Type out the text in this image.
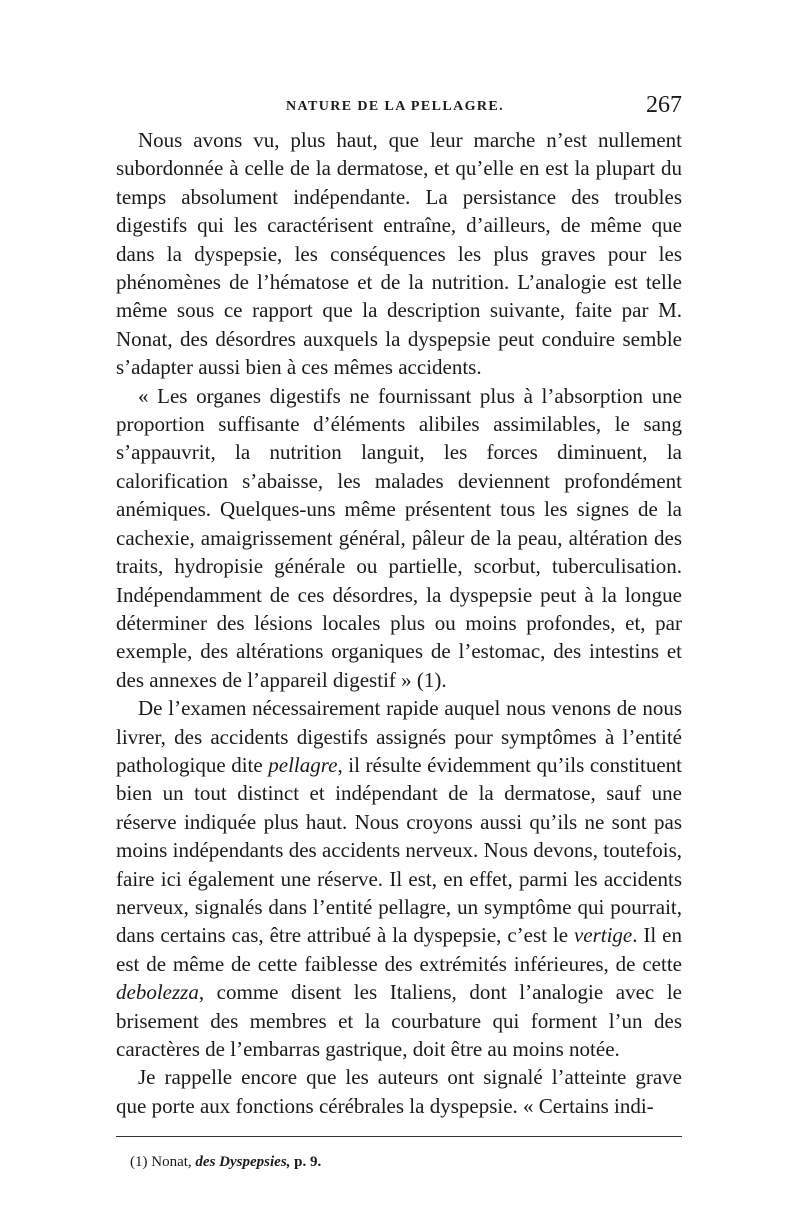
NATURE DE LA PELLAGRE.	267

Nous avons vu, plus haut, que leur marche n’est nullement subordonnée à celle de la dermatose, et qu’elle en est la plupart du temps absolument indépendante. La persistance des troubles digestifs qui les caractérisent entraîne, d’ailleurs, de même que dans la dyspepsie, les conséquences les plus graves pour les phénomènes de l’hématose et de la nutrition. L’analogie est telle même sous ce rapport que la description suivante, faite par M. Nonat, des désordres auxquels la dyspepsie peut conduire semble s’adapter aussi bien à ces mêmes accidents.

« Les organes digestifs ne fournissant plus à l’absorption une proportion suffisante d’éléments alibiles assimilables, le sang s’appauvrit, la nutrition languit, les forces diminuent, la calorification s’abaisse, les malades deviennent profondément anémiques. Quelques-uns même présentent tous les signes de la cachexie, amaigrissement général, pâleur de la peau, altération des traits, hydropisie générale ou partielle, scorbut, tuberculisation. Indépendamment de ces désordres, la dyspepsie peut à la longue déterminer des lésions locales plus ou moins profondes, et, par exemple, des altérations organiques de l’estomac, des intestins et des annexes de l’appareil digestif » (1).

De l’examen nécessairement rapide auquel nous venons de nous livrer, des accidents digestifs assignés pour symptômes à l’entité pathologique dite pellagre, il résulte évidemment qu’ils constituent bien un tout distinct et indépendant de la dermatose, sauf une réserve indiquée plus haut. Nous croyons aussi qu’ils ne sont pas moins indépendants des accidents nerveux. Nous devons, toutefois, faire ici également une réserve. Il est, en effet, parmi les accidents nerveux, signalés dans l’entité pellagre, un symptôme qui pourrait, dans certains cas, être attribué à la dyspepsie, c’est le vertige. Il en est de même de cette faiblesse des extrémités inférieures, de cette debolezza, comme disent les Italiens, dont l’analogie avec le brisement des membres et la courbature qui forment l’un des caractères de l’embarras gastrique, doit être au moins notée.

Je rappelle encore que les auteurs ont signalé l’atteinte grave que porte aux fonctions cérébrales la dyspepsie. « Certains indi-

(1) Nonat, des Dyspepsies, p. 9.
